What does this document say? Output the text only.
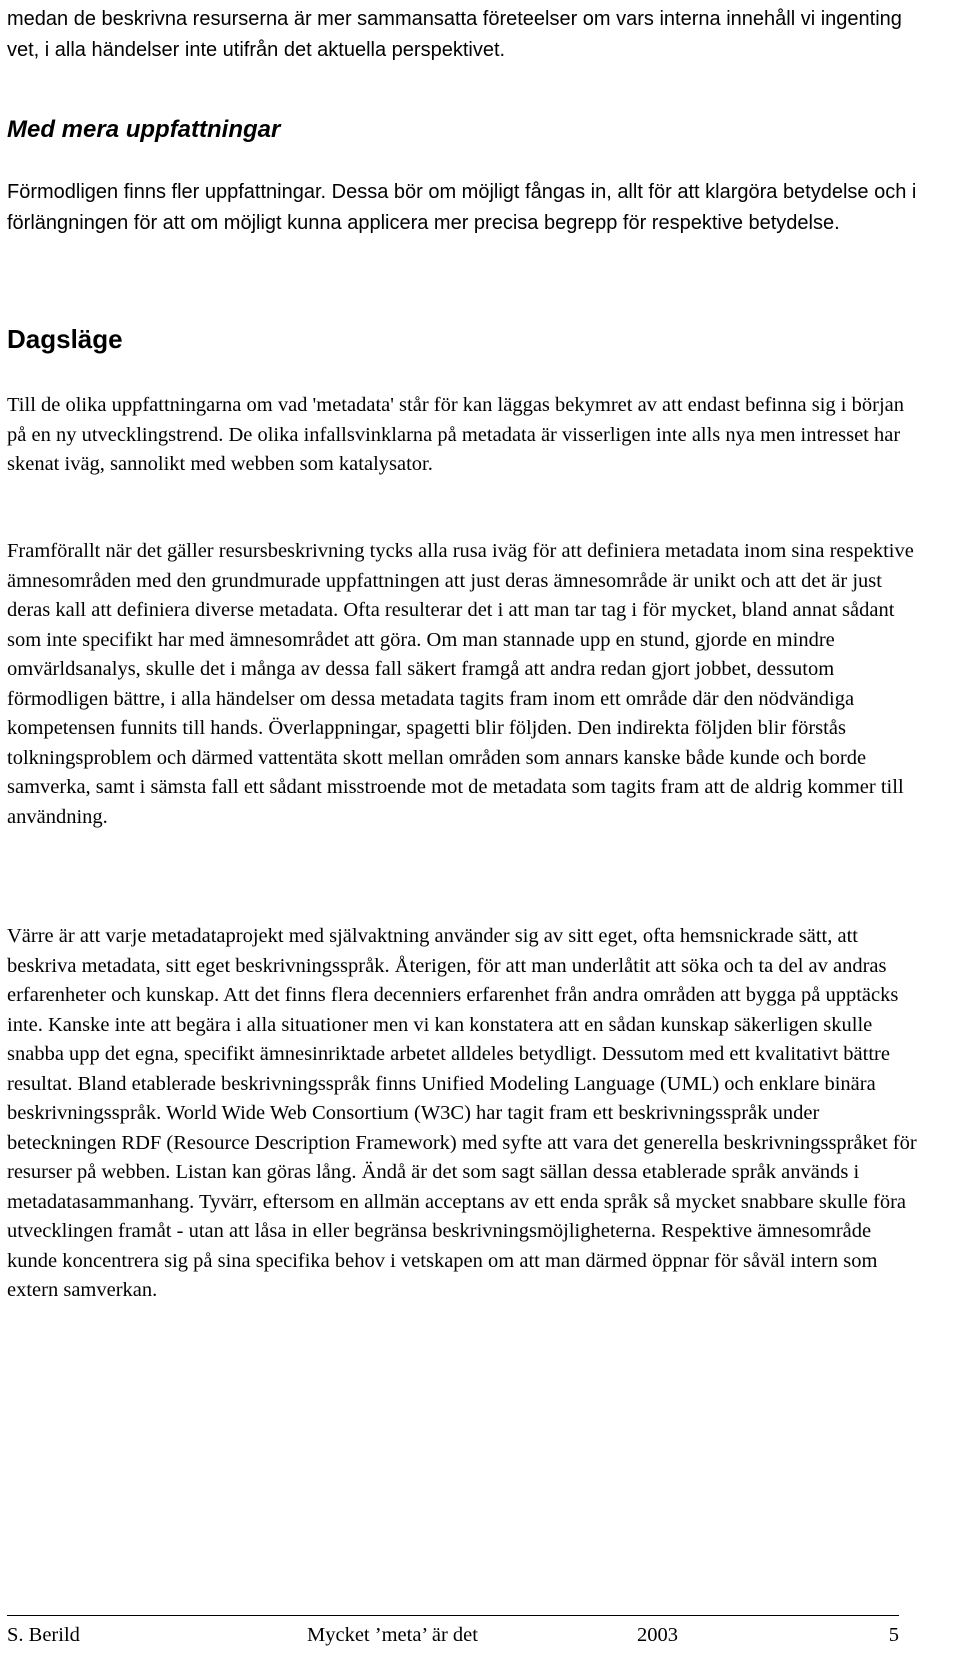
medan de beskrivna resurserna är mer sammansatta företeelser om vars interna innehåll vi ingenting vet, i alla händelser inte utifrån det aktuella perspektivet.

Med mera uppfattningar

Förmodligen finns fler uppfattningar. Dessa bör om möjligt fångas in, allt för att klargöra betydelse och i förlängningen för att om möjligt kunna applicera mer precisa begrepp för respektive betydelse.

Dagsläge

Till de olika uppfattningarna om vad 'metadata' står för kan läggas bekymret av att endast befinna sig i början på en ny utvecklingstrend. De olika infallsvinklarna på metadata är visserligen inte alls nya men intresset har skenat iväg, sannolikt med webben som katalysator.

Framförallt när det gäller resursbeskrivning tycks alla rusa iväg för att definiera metadata inom sina respektive ämnesområden med den grundmurade uppfattningen att just deras ämnesområde är unikt och att det är just deras kall att definiera diverse metadata. Ofta resulterar det i att man tar tag i för mycket, bland annat sådant som inte specifikt har med ämnesområdet att göra. Om man stannade upp en stund, gjorde en mindre omvärldsanalys, skulle det i många av dessa fall säkert framgå att andra redan gjort jobbet, dessutom förmodligen bättre, i alla händelser om dessa metadata tagits fram inom ett område där den nödvändiga kompetensen funnits till hands. Överlappningar, spagetti blir följden. Den indirekta följden blir förstås tolkningsproblem och därmed vattentäta skott mellan områden som annars kanske både kunde och borde samverka, samt i sämsta fall ett sådant misstroende mot de metadata som tagits fram att de aldrig kommer till användning.

Värre är att varje metadataprojekt med självaktning använder sig av sitt eget, ofta hemsnickrade sätt, att beskriva metadata, sitt eget beskrivningsspråk. Återigen, för att man underlåtit att söka och ta del av andras erfarenheter och kunskap. Att det finns flera decenniers erfarenhet från andra områden att bygga på upptäcks inte. Kanske inte att begära i alla situationer men vi kan konstatera att en sådan kunskap säkerligen skulle snabba upp det egna, specifikt ämnesinriktade arbetet alldeles betydligt. Dessutom med ett kvalitativt bättre resultat. Bland etablerade beskrivningsspråk finns Unified Modeling Language (UML) och enklare binära beskrivningsspråk. World Wide Web Consortium (W3C) har tagit fram ett beskrivningsspråk under beteckningen RDF (Resource Description Framework) med syfte att vara det generella beskrivningsspråket för resurser på webben. Listan kan göras lång. Ändå är det som sagt sällan dessa etablerade språk används i metadatasammanhang. Tyvärr, eftersom en allmän acceptans av ett enda språk så mycket snabbare skulle föra utvecklingen framåt - utan att låsa in eller begränsa beskrivningsmöjligheterna. Respektive ämnesområde kunde koncentrera sig på sina specifika behov i vetskapen om att man därmed öppnar för såväl intern som extern samverkan.

S. Berild	Mycket ’meta’ är det	2003	5
